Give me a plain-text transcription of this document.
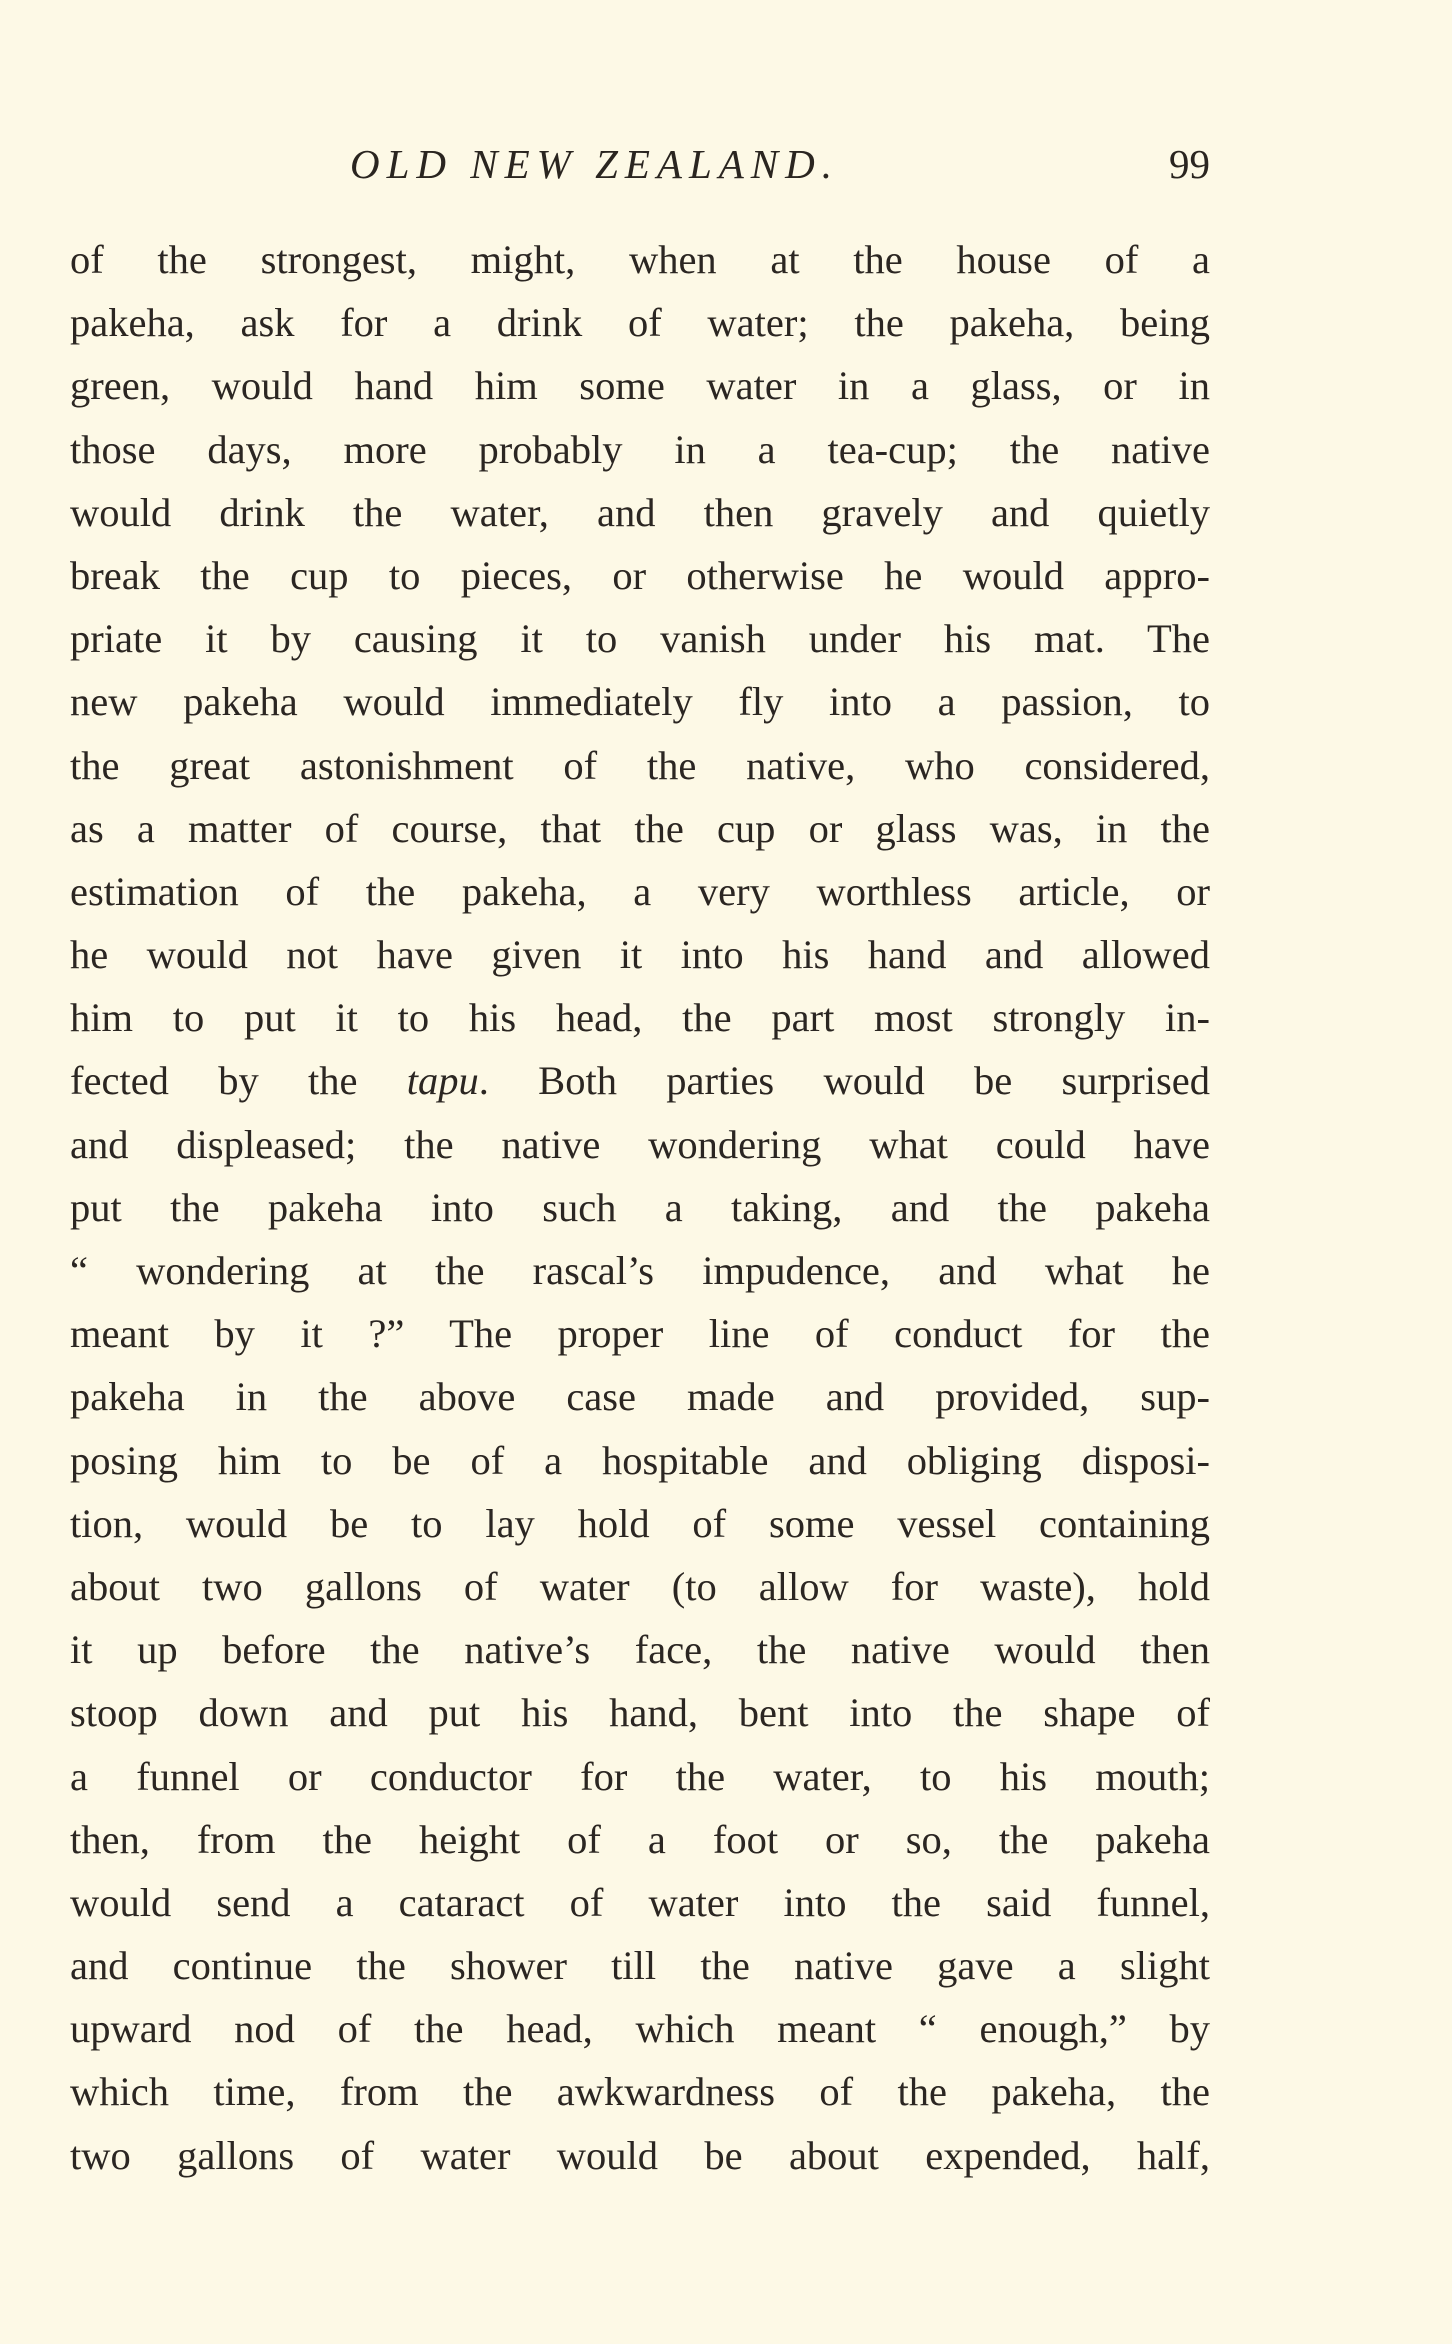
OLD NEW ZEALAND.	99
of the strongest, might, when at the house of a
pakeha, ask for a drink of water; the pakeha, being
green, would hand him some water in a glass, or in
those days, more probably in a tea-cup; the native
would drink the water, and then gravely and quietly
break the cup to pieces, or otherwise he would appro-
priate it by causing it to vanish under his mat. The
new pakeha would immediately fly into a passion, to
the great astonishment of the native, who considered,
as a matter of course, that the cup or glass was, in the
estimation of the pakeha, a very worthless article, or
he would not have given it into his hand and allowed
him to put it to his head, the part most strongly in-
fected by the tapu. Both parties would be surprised
and displeased; the native wondering what could have
put the pakeha into such a taking, and the pakeha
“ wondering at the rascal’s impudence, and what he
meant by it ?” The proper line of conduct for the
pakeha in the above case made and provided, sup-
posing him to be of a hospitable and obliging disposi-
tion, would be to lay hold of some vessel containing
about two gallons of water (to allow for waste), hold
it up before the native’s face, the native would then
stoop down and put his hand, bent into the shape of
a funnel or conductor for the water, to his mouth;
then, from the height of a foot or so, the pakeha
would send a cataract of water into the said funnel,
and continue the shower till the native gave a slight
upward nod of the head, which meant “ enough,” by
which time, from the awkwardness of the pakeha, the
two gallons of water would be about expended, half,
